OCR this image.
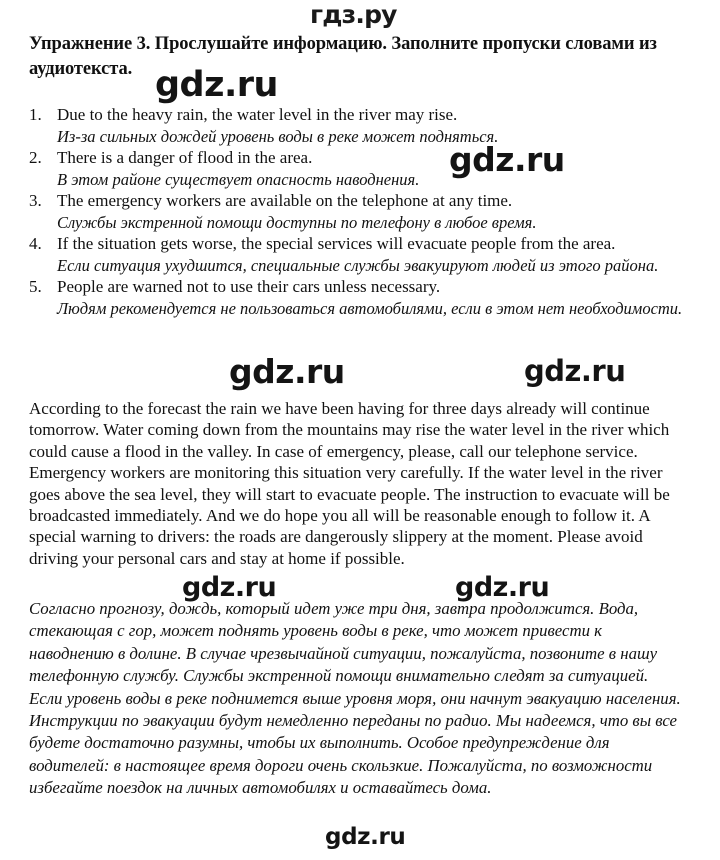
гдз.ру
Упражнение 3. Прослушайте информацию. Заполните пропуски словами из аудиотекста.
1. Due to the heavy rain, the water level in the river may rise.
Из-за сильных дождей уровень воды в реке может подняться.
2. There is a danger of flood in the area.
В этом районе существует опасность наводнения.
3. The emergency workers are available on the telephone at any time.
Службы экстренной помощи доступны по телефону в любое время.
4. If the situation gets worse, the special services will evacuate people from the area.
Если ситуация ухудшится, специальные службы эвакуируют людей из этого района.
5. People are warned not to use their cars unless necessary.
Людям рекомендуется не пользоваться автомобилями, если в этом нет необходимости.
According to the forecast the rain we have been having for three days already will continue tomorrow. Water coming down from the mountains may rise the water level in the river which could cause a flood in the valley. In case of emergency, please, call our telephone service. Emergency workers are monitoring this situation very carefully. If the water level in the river goes above the sea level, they will start to evacuate people. The instruction to evacuate will be broadcasted immediately. And we do hope you all will be reasonable enough to follow it. A special warning to drivers: the roads are dangerously slippery at the moment. Please avoid driving your personal cars and stay at home if possible.
Согласно прогнозу, дождь, который идет уже три дня, завтра продолжится. Вода, стекающая с гор, может поднять уровень воды в реке, что может привести к наводнению в долине. В случае чрезвычайной ситуации, пожалуйста, позвоните в нашу телефонную службу. Службы экстренной помощи внимательно следят за ситуацией. Если уровень воды в реке поднимется выше уровня моря, они начнут эвакуацию населения. Инструкции по эвакуации будут немедленно переданы по радио. Мы надеемся, что вы все будете достаточно разумны, чтобы их выполнить. Особое предупреждение для водителей: в настоящее время дороги очень скользкие. Пожалуйста, по возможности избегайте поездок на личных автомобилях и оставайтесь дома.
gdz.ru
gdz.ru
gdz.ru	gdz.ru
gdz.ru	gdz.ru
gdz.ru
